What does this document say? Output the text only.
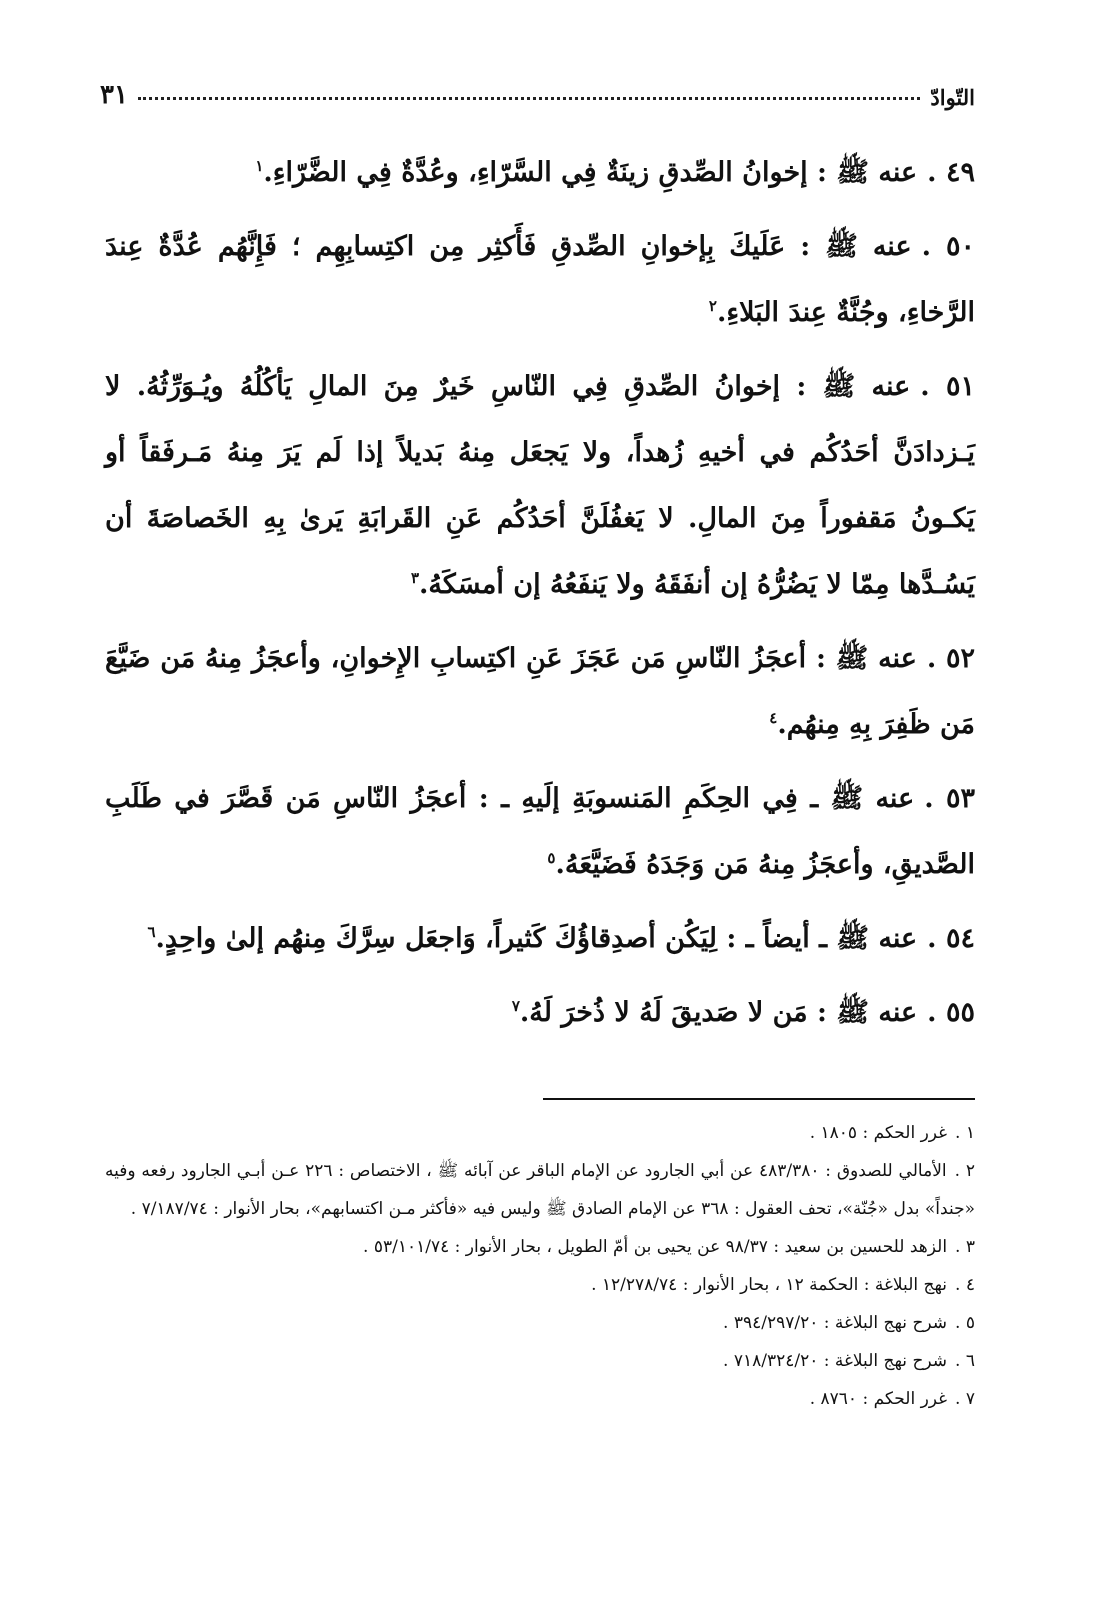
التّوادّ
٣١

٤٩ .عنه ﷺ : إخوانُ الصِّدقِ زينَةٌ فِي السَّرّاءِ، وعُدَّةٌ فِي الضَّرّاءِ.$^١$

٥٠ .عنه ﷺ : عَلَيكَ بِإخوانِ الصِّدقِ فَأَكثِر مِن اكتِسابِهِم ؛ فَإِنَّهُم عُدَّةٌ عِندَ الرَّخاءِ، وجُنَّةٌ عِندَ البَلاءِ.$^٢$

٥١ .عنه ﷺ : إخوانُ الصِّدقِ فِي النّاسِ خَيرٌ مِنَ المالِ يَأكُلُهُ ويُـوَرِّثُهُ. لا يَـزدادَنَّ أحَدُكُم في أخيهِ زُهداً، ولا يَجعَل مِنهُ بَديلاً إذا لَم يَرَ مِنهُ مَـرفَقاً أو يَكـونُ مَقفوراً مِنَ المالِ. لا يَغفُلَنَّ أحَدُكُم عَنِ القَرابَةِ يَرىٰ بِهِ الخَصاصَةَ أن يَسُـدَّها مِمّا لا يَضُرُّهُ إن أنفَقَهُ ولا يَنفَعُهُ إن أمسَكَهُ.$^٣$

٥٢ .عنه ﷺ : أعجَزُ النّاسِ مَن عَجَزَ عَنِ اكتِسابِ الإِخوانِ، وأعجَزُ مِنهُ مَن ضَيَّعَ مَن ظَفِرَ بِهِ مِنهُم.$^٤$

٥٣ .عنه ﷺ ـ فِي الحِكَمِ المَنسوبَةِ إلَيهِ ـ : أعجَزُ النّاسِ مَن قَصَّرَ في طَلَبِ الصَّديقِ، وأعجَزُ مِنهُ مَن وَجَدَهُ فَضَيَّعَهُ.$^٥$

٥٤ .عنه ﷺ ـ أيضاً ـ : لِيَكُن أصدِقاؤُكَ كَثيراً، وَاجعَل سِرَّكَ مِنهُم إلىٰ واحِدٍ.$^٦$

٥٥ .عنه ﷺ : مَن لا صَديقَ لَهُ لا ذُخرَ لَهُ.$^٧$

١ .غرر الحكم : ١٨٠٥ .

٢ .الأمالي للصدوق : ٤٨٣/٣٨٠ عن أبي الجارود عن الإمام الباقر عن آبائه ﷺ ، الاختصاص : ٢٢٦ عـن أبـي الجارود رفعه وفيه «جنداً» بدل «جُنّة»، تحف العقول : ٣٦٨ عن الإمام الصادق ﷺ وليس فيه «فأكثر مـن اكتسابهم»، بحار الأنوار : ٧/١٨٧/٧٤ .

٣ .الزهد للحسين بن سعيد : ٩٨/٣٧ عن يحيى بن أمّ الطويل ، بحار الأنوار : ٥٣/١٠١/٧٤ .

٤ .نهج البلاغة : الحكمة ١٢ ، بحار الأنوار : ١٢/٢٧٨/٧٤ .

٥ .شرح نهج البلاغة : ٣٩٤/٢٩٧/٢٠ .

٦ .شرح نهج البلاغة : ٧١٨/٣٢٤/٢٠ .

٧ .غرر الحكم : ٨٧٦٠ .
